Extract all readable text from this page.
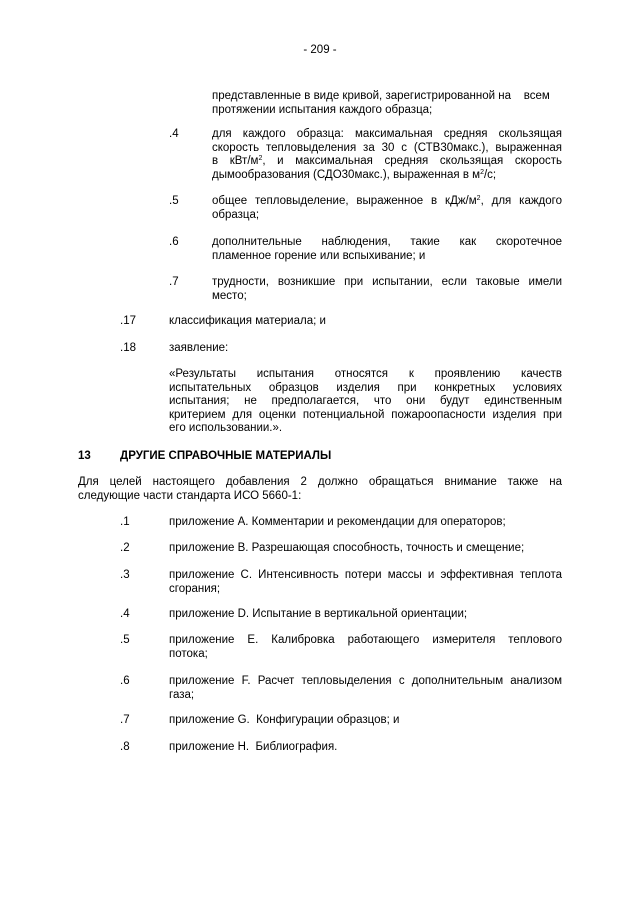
- 209 -
представленные в виде кривой, зарегистрированной на    всем
протяжении испытания каждого образца;
.4	для каждого образца: максимальная средняя скользящая
скорость тепловыделения за 30 с (СТВ30макс.), выраженная
в кВт/$м^2$, и максимальная средняя скользящая скорость
дымообразования (СДО30макс.), выраженная в $м^2/с$;
.5	общее тепловыделение, выраженное в кДж/$м^2$, для каждого
образца;
.6	дополнительные наблюдения, такие как скоротечное
пламенное горение или вспыхивание; и
.7	трудности, возникшие при испытании, если таковые имели
место;
.17	классификация материала; и
.18	заявление:
«Результаты испытания относятся к проявлению качеств
испытательных образцов изделия при конкретных условиях
испытания; не предполагается, что они будут единственным
критерием для оценки потенциальной пожароопасности изделия при
его использовании.».
13	ДРУГИЕ СПРАВОЧНЫЕ МАТЕРИАЛЫ
Для целей настоящего добавления 2 должно обращаться внимание также на
следующие части стандарта ИСО 5660-1:
.1	приложение A. Комментарии и рекомендации для операторов;
.2	приложение B. Разрешающая способность, точность и смещение;
.3	приложение C. Интенсивность потери массы и эффективная теплота
сгорания;
.4	приложение D. Испытание в вертикальной ориентации;
.5	приложение E. Калибровка работающего измерителя теплового
потока;
.6	приложение F. Расчет тепловыделения с дополнительным анализом
газа;
.7	приложение G.  Конфигурации образцов; и
.8	приложение H.  Библиография.
